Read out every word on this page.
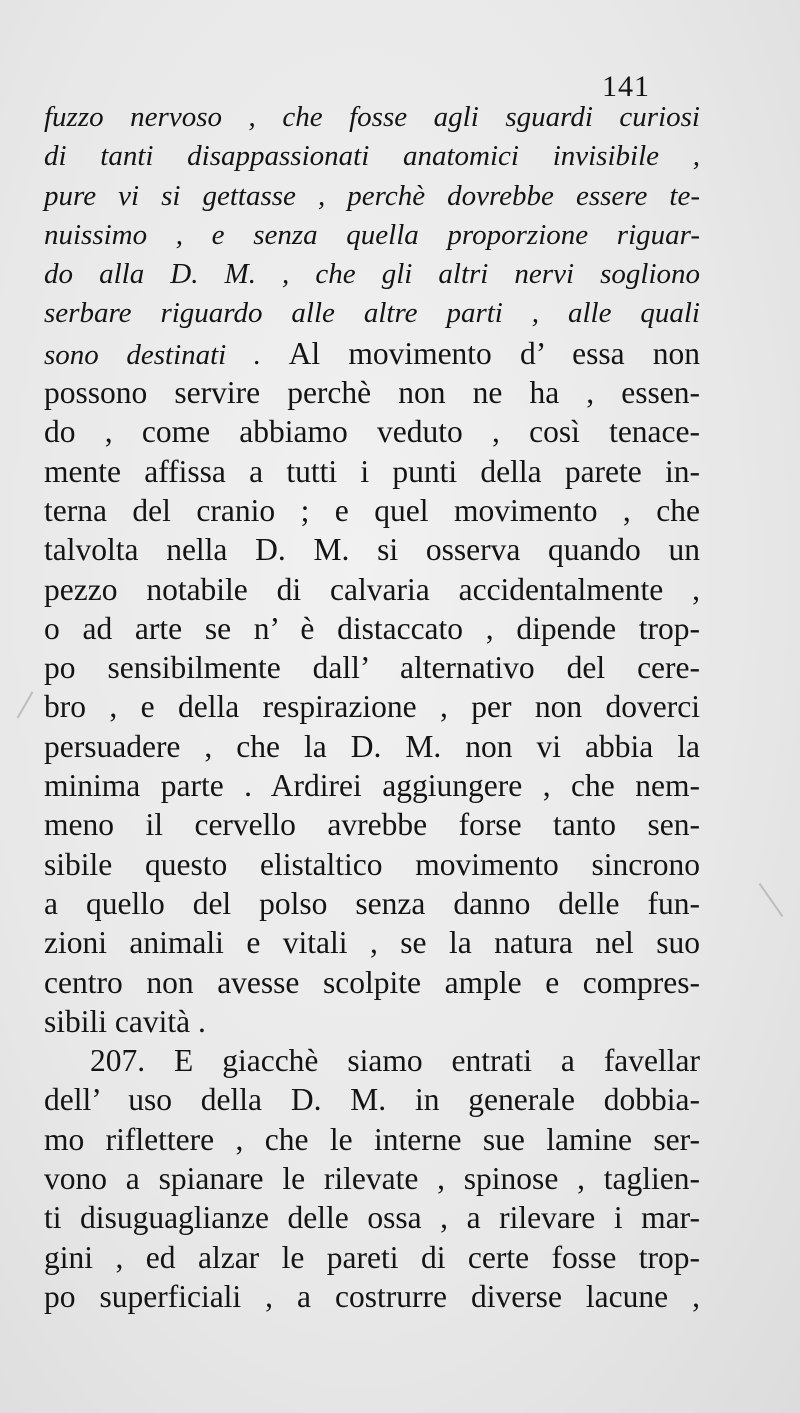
141
fuzzo nervoso , che fosse agli sguardi curiosi
di tanti disappassionati anatomici invisibile ,
pure vi si gettasse , perchè dovrebbe essere te-
nuissimo , e senza quella proporzione riguar-
do alla D. M. , che gli altri nervi sogliono
serbare riguardo alle altre parti , alle quali
sono destinati . Al movimento d’ essa non
possono servire perchè non ne ha , essen-
do , come abbiamo veduto , così tenace-
mente affissa a tutti i punti della parete in-
terna del cranio ; e quel movimento , che
talvolta nella D. M. si osserva quando un
pezzo notabile di calvaria accidentalmente ,
o ad arte se n’ è distaccato , dipende trop-
po sensibilmente dall’ alternativo del cere-
bro , e della respirazione , per non doverci
persuadere , che la D. M. non vi abbia la
minima parte . Ardirei aggiungere , che nem-
meno il cervello avrebbe forse tanto sen-
sibile questo elistaltico movimento sincrono
a quello del polso senza danno delle fun-
zioni animali e vitali , se la natura nel suo
centro non avesse scolpite ample e compres-
sibili cavità .
207. E giacchè siamo entrati a favellar
dell’ uso della D. M. in generale dobbia-
mo riflettere , che le interne sue lamine ser-
vono a spianare le rilevate , spinose , taglien-
ti disuguaglianze delle ossa , a rilevare i mar-
gini , ed alzar le pareti di certe fosse trop-
po superficiali , a costrurre diverse lacune ,
